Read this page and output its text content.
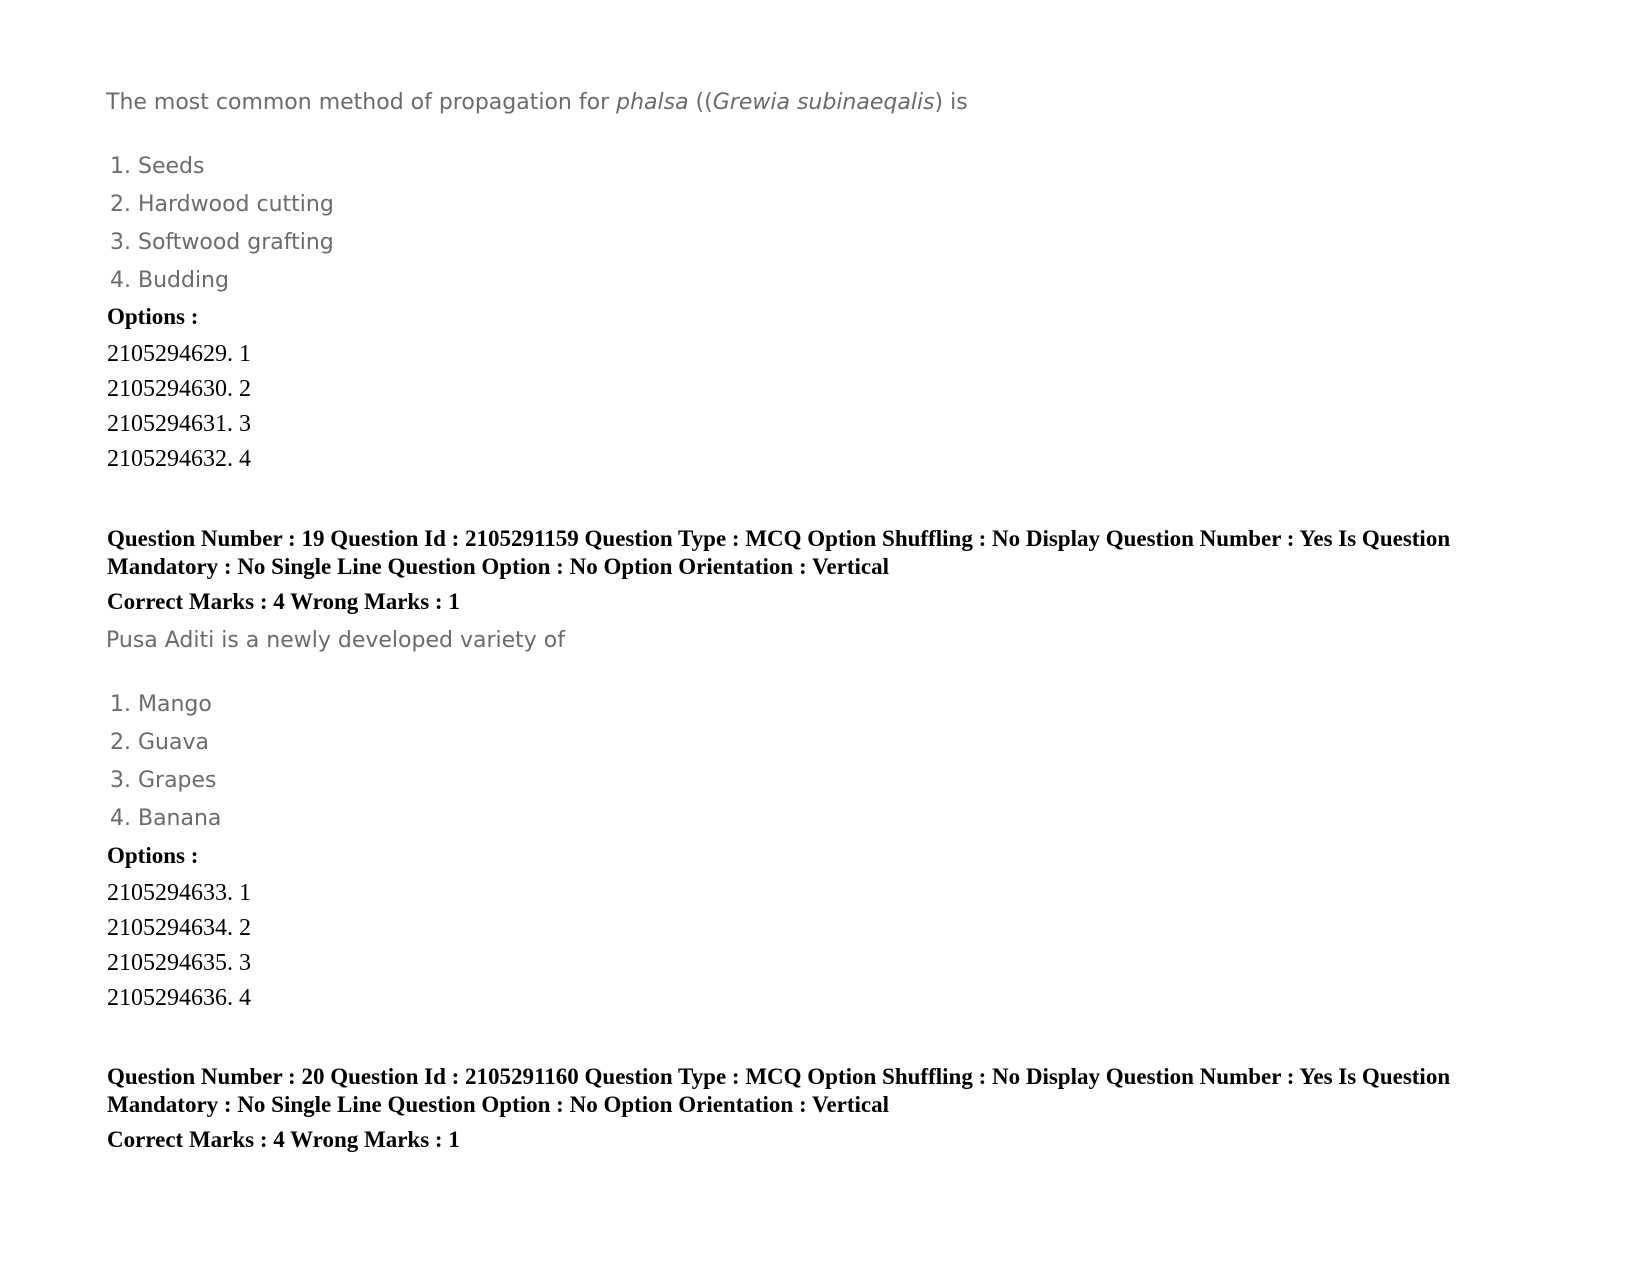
The most common method of propagation for phalsa ((Grewia subinaeqalis) is
1. Seeds
2. Hardwood cutting
3. Softwood grafting
4. Budding
Options :
2105294629. 1
2105294630. 2
2105294631. 3
2105294632. 4
Question Number : 19 Question Id : 2105291159 Question Type : MCQ Option Shuffling : No Display Question Number : Yes Is Question Mandatory : No Single Line Question Option : No Option Orientation : Vertical
Correct Marks : 4 Wrong Marks : 1
Pusa Aditi is a newly developed variety of
1. Mango
2. Guava
3. Grapes
4. Banana
Options :
2105294633. 1
2105294634. 2
2105294635. 3
2105294636. 4
Question Number : 20 Question Id : 2105291160 Question Type : MCQ Option Shuffling : No Display Question Number : Yes Is Question Mandatory : No Single Line Question Option : No Option Orientation : Vertical
Correct Marks : 4 Wrong Marks : 1
